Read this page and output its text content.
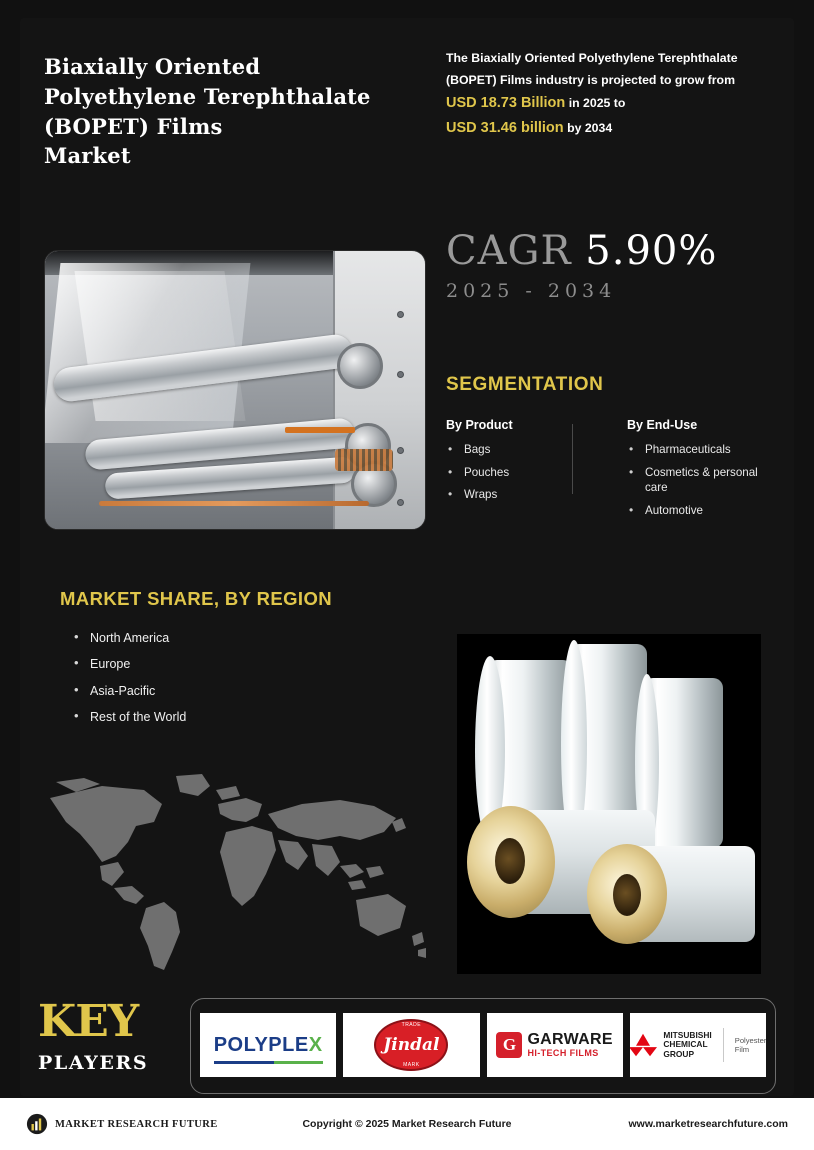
Biaxially Oriented
Polyethylene Terephthalate
(BOPET) Films
Market
The Biaxially Oriented Polyethylene Terephthalate
(BOPET) Films industry is projected to grow from
USD 18.73 Billion in 2025 to
USD 31.46 billion by 2034
CAGR 5.90%
2025 - 2034
SEGMENTATION
By Product
• Bags
• Pouches
• Wraps
By End-Use
• Pharmaceuticals
• Cosmetics & personal care
• Automotive
MARKET SHARE, BY REGION
• North America
• Europe
• Asia-Pacific
• Rest of the World
KEY
PLAYERS
POLYPLEX
TRADE
Jindal
MARK
G GARWARE
HI-TECH FILMS
MITSUBISHI
CHEMICAL
GROUP
Polyester
Film
MARKET RESEARCH FUTURE	Copyright © 2025 Market Research Future	www.marketresearchfuture.com
